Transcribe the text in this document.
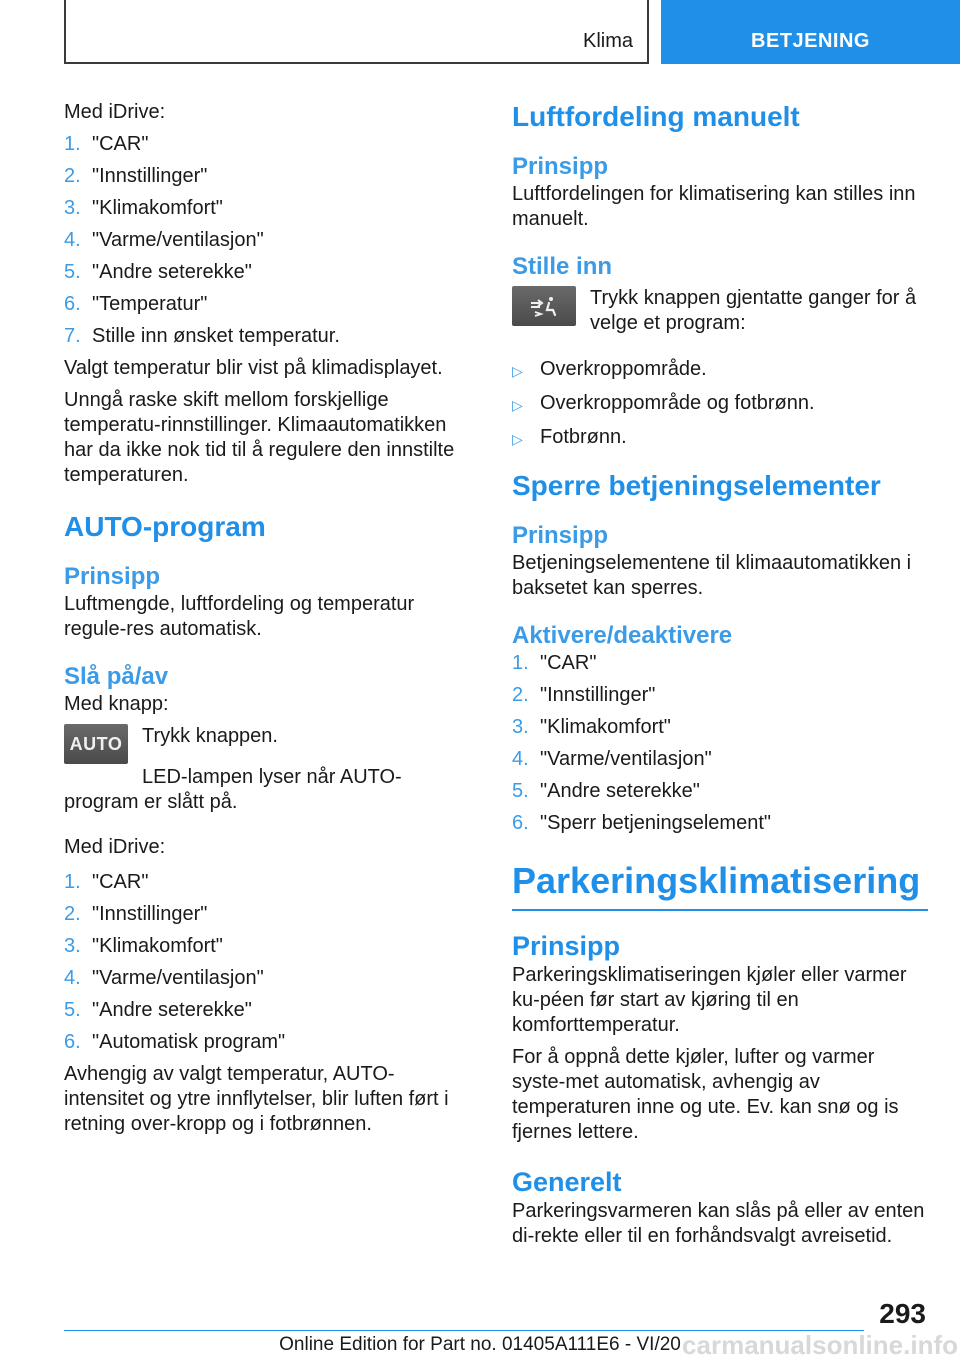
Klima	BETJENING

Med iDrive:

1. "CAR"
2. "Innstillinger"
3. "Klimakomfort"
4. "Varme/ventilasjon"
5. "Andre seterekke"
6. "Temperatur"
7. Stille inn ønsket temperatur.

Valgt temperatur blir vist på klimadisplayet.

Unngå raske skift mellom forskjellige temperatu-rinnstillinger. Klimaautomatikken har da ikke nok tid til å regulere den innstilte temperaturen.

AUTO-program
Prinsipp

Luftmengde, luftfordeling og temperatur regule-res automatisk.

Slå på/av

Med knapp:

AUTO Trykk knappen.

LED-lampen lyser når AUTO-program er slått på.

Med iDrive:

1. "CAR"
2. "Innstillinger"
3. "Klimakomfort"
4. "Varme/ventilasjon"
5. "Andre seterekke"
6. "Automatisk program"

Avhengig av valgt temperatur, AUTO-intensitet og ytre innflytelser, blir luften ført i retning over-kropp og i fotbrønnen.

Luftfordeling manuelt
Prinsipp

Luftfordelingen for klimatisering kan stilles inn manuelt.

Stille inn

Trykk knappen gjentatte ganger for å velge et program:

▷ Overkroppområde.
▷ Overkroppområde og fotbrønn.
▷ Fotbrønn.
Sperre betjeningselementer
Prinsipp

Betjeningselementene til klimaautomatikken i baksetet kan sperres.

Aktivere/deaktivere
1. "CAR"
2. "Innstillinger"
3. "Klimakomfort"
4. "Varme/ventilasjon"
5. "Andre seterekke"
6. "Sperr betjeningselement"
Parkeringsklimatisering
Prinsipp

Parkeringsklimatiseringen kjøler eller varmer ku-péen før start av kjøring til en komforttemperatur.

For å oppnå dette kjøler, lufter og varmer syste-met automatisk, avhengig av temperaturen inne og ute. Ev. kan snø og is fjernes lettere.

Generelt

Parkeringsvarmeren kan slås på eller av enten di-rekte eller til en forhåndsvalgt avreisetid.

293
Online Edition for Part no. 01405A111E6 - VI/20 carmanualsonline.info
